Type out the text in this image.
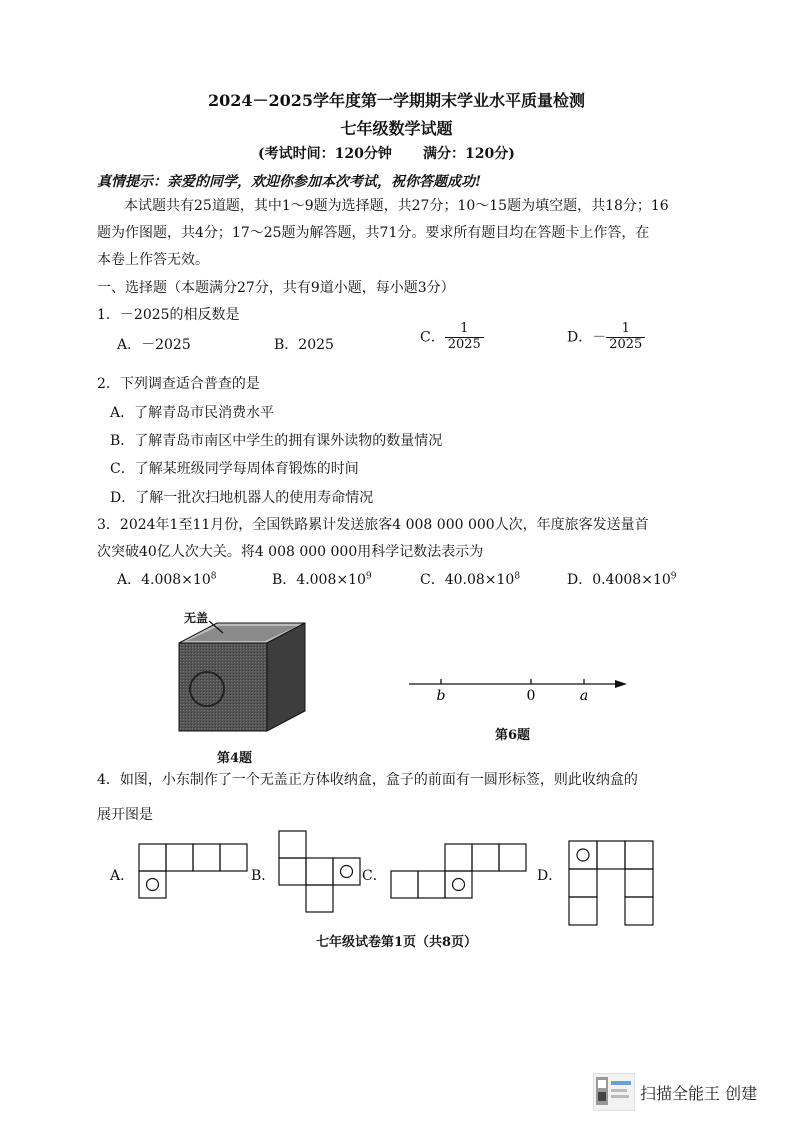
2024－2025学年度第一学期期末学业水平质量检测
七年级数学试题
(考试时间：120分钟 满分：120分)
真情提示：亲爱的同学，欢迎你参加本次考试，祝你答题成功!
本试题共有25道题，其中1～9题为选择题，共27分；10～15题为填空题，共18分；16
题为作图题，共4分；17～25题为解答题，共71分。要求所有题目均在答题卡上作答，在
本卷上作答无效。
一、选择题（本题满分27分，共有9道小题，每小题3分）
1．－2025的相反数是
A．－2025	B．2025	C． $\frac{1}{2025}$	D．－ $\frac{1}{2025}$
2．下列调查适合普查的是
A．了解青岛市民消费水平
B．了解青岛市南区中学生的拥有课外读物的数量情况
C．了解某班级同学每周体育锻炼的时间
D．了解一批次扫地机器人的使用寿命情况
3．2024年1至11月份，全国铁路累计发送旅客4 008 000 000人次，年度旅客发送量首
次突破40亿人次大关。将4 008 000 000用科学记数法表示为
A．$4.008\times 10^8$	B．$4.008\times 10^9$	C．$40.08\times 10^8$	D．$0.4008\times 10^9$
无盖
第4题
b	0	a
第6题
4．如图，小东制作了一个无盖正方体收纳盒，盒子的前面有一圆形标签，则此收纳盒的
展开图是
A．	B．	C．	D．
七年级试卷第1页（共8页）
扫描全能王 创建
